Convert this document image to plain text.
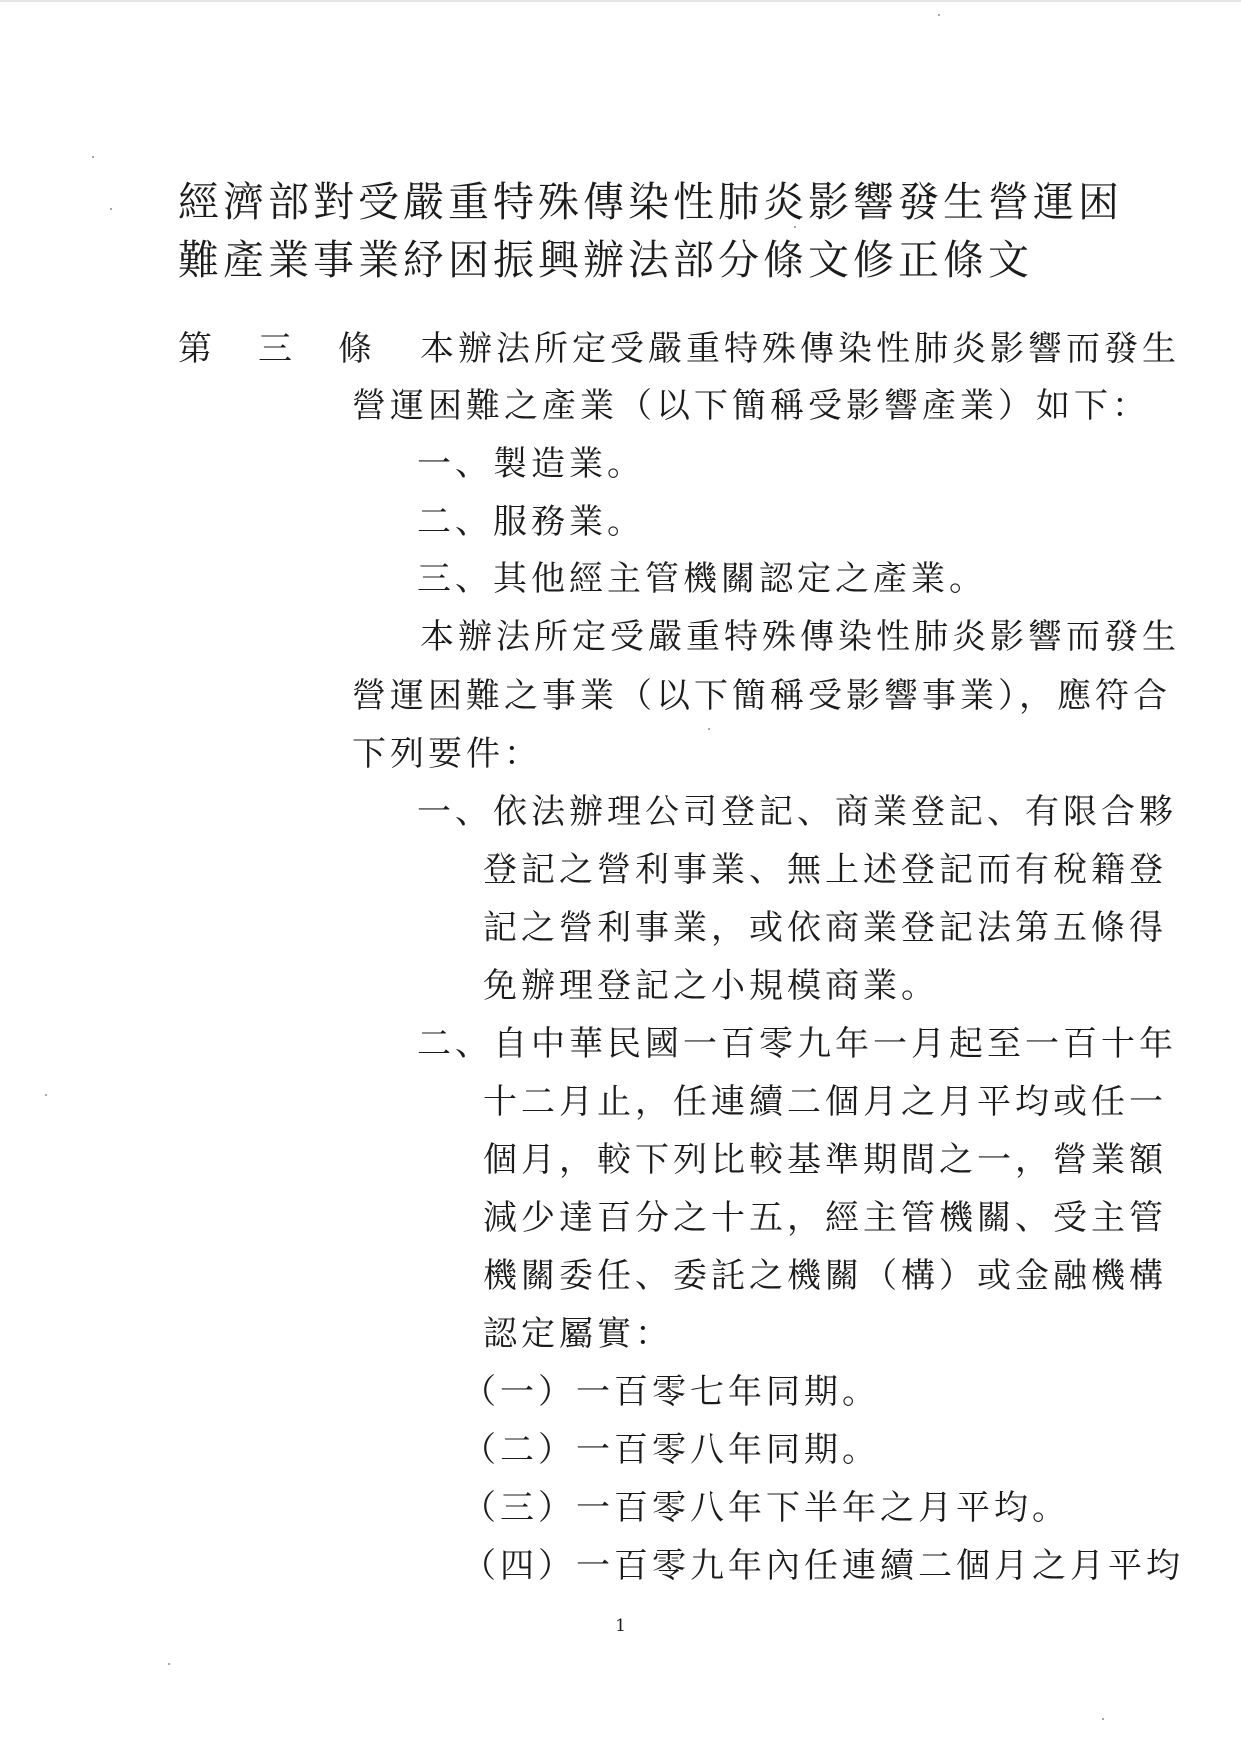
經濟部對受嚴重特殊傳染性肺炎影響發生營運困
難產業事業紓困振興辦法部分條文修正條文
第　三　條 本辦法所定受嚴重特殊傳染性肺炎影響而發生
營運困難之產業（以下簡稱受影響產業）如下：
一、製造業。
二、服務業。
三、其他經主管機關認定之產業。
本辦法所定受嚴重特殊傳染性肺炎影響而發生
營運困難之事業（以下簡稱受影響事業），應符合
下列要件：
一、依法辦理公司登記、商業登記、有限合夥
登記之營利事業、無上述登記而有稅籍登
記之營利事業，或依商業登記法第五條得
免辦理登記之小規模商業。
二、自中華民國一百零九年一月起至一百十年
十二月止，任連續二個月之月平均或任一
個月，較下列比較基準期間之一，營業額
減少達百分之十五，經主管機關、受主管
機關委任、委託之機關（構）或金融機構
認定屬實：
（一）一百零七年同期。
（二）一百零八年同期。
（三）一百零八年下半年之月平均。
（四）一百零九年內任連續二個月之月平均
1
